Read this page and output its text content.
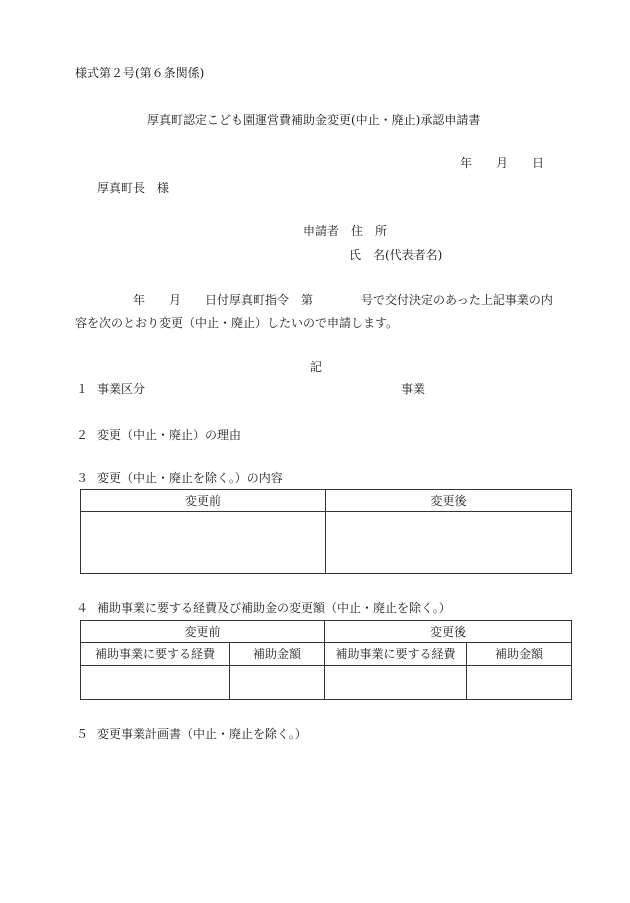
様式第２号(第６条関係)
厚真町認定こども園運営費補助金変更(中止・廃止)承認申請書
年　　月　　日
厚真町長　様
申請者　住　所
氏　名(代表者名)
年　　月　　日付厚真町指令　第　　　　号で交付決定のあった上記事業の内
容を次のとおり変更（中止・廃止）したいので申請します。
記
１ 事業区分	事業
２ 変更（中止・廃止）の理由
３ 変更（中止・廃止を除く。）の内容
変更前	変更後

４ 補助事業に要する経費及び補助金の変更額（中止・廃止を除く。）
変更前		変更後	
補助事業に要する経費	補助金額	補助事業に要する経費	補助金額

５ 変更事業計画書（中止・廃止を除く。）
